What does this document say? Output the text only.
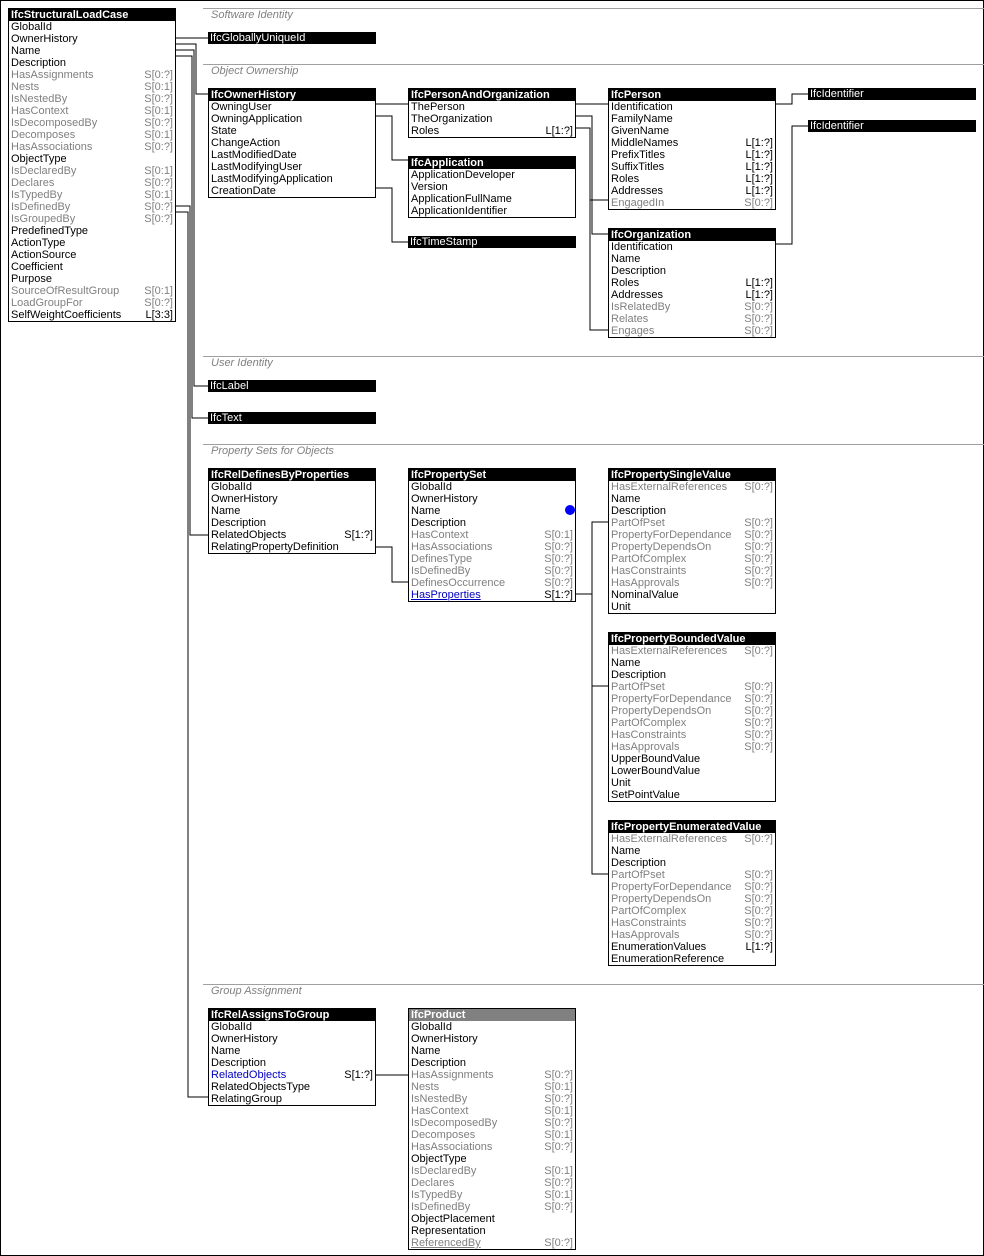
Software Identity
Object Ownership
User Identity
Property Sets for Objects
Group Assignment
IfcGloballyUniqueId
IfcTimeStamp
IfcIdentifier
IfcIdentifier
IfcLabel
IfcText
IfcStructuralLoadCase
GlobalId
OwnerHistory
Name
Description
HasAssignments	S[0:?]
Nests	S[0:1]
IsNestedBy	S[0:?]
HasContext	S[0:1]
IsDecomposedBy	S[0:?]
Decomposes	S[0:1]
HasAssociations	S[0:?]
ObjectType
IsDeclaredBy	S[0:1]
Declares	S[0:?]
IsTypedBy	S[0:1]
IsDefinedBy	S[0:?]
IsGroupedBy	S[0:?]
PredefinedType
ActionType
ActionSource
Coefficient
Purpose
SourceOfResultGroup S[0:1]
LoadGroupFor	S[0:?]
SelfWeightCoefficients L[3:3]
IfcOwnerHistory
OwningUser
OwningApplication
State
ChangeAction
LastModifiedDate
LastModifyingUser
LastModifyingApplication
CreationDate
IfcPersonAndOrganization
ThePerson
TheOrganization
Roles	L[1:?]
IfcApplication
ApplicationDeveloper
Version
ApplicationFullName
ApplicationIdentifier
IfcPerson
Identification
FamilyName
GivenName
MiddleNames	L[1:?]
PrefixTitles	L[1:?]
SuffixTitles	L[1:?]
Roles	L[1:?]
Addresses	L[1:?]
EngagedIn	S[0:?]
IfcOrganization
Identification
Name
Description
Roles	L[1:?]
Addresses	L[1:?]
IsRelatedBy	S[0:?]
Relates	S[0:?]
Engages	S[0:?]
IfcRelDefinesByProperties
GlobalId
OwnerHistory
Name
Description
RelatedObjects	S[1:?]
RelatingPropertyDefinition
IfcPropertySet
GlobalId
OwnerHistory
Name
Description
HasContext	S[0:1]
HasAssociations	S[0:?]
DefinesType	S[0:?]
IsDefinedBy	S[0:?]
DefinesOccurrence	S[0:?]
HasProperties	S[1:?]
IfcPropertySingleValue
HasExternalReferences S[0:?]
Name
Description
PartOfPset	S[0:?]
PropertyForDependance S[0:?]
PropertyDependsOn	S[0:?]
PartOfComplex	S[0:?]
HasConstraints	S[0:?]
HasApprovals	S[0:?]
NominalValue
Unit
IfcPropertyBoundedValue
HasExternalReferences S[0:?]
Name
Description
PartOfPset	S[0:?]
PropertyForDependance S[0:?]
PropertyDependsOn	S[0:?]
PartOfComplex	S[0:?]
HasConstraints	S[0:?]
HasApprovals	S[0:?]
UpperBoundValue
LowerBoundValue
Unit
SetPointValue
IfcPropertyEnumeratedValue
HasExternalReferences S[0:?]
Name
Description
PartOfPset	S[0:?]
PropertyForDependance S[0:?]
PropertyDependsOn	S[0:?]
PartOfComplex	S[0:?]
HasConstraints	S[0:?]
HasApprovals	S[0:?]
EnumerationValues	L[1:?]
EnumerationReference
IfcRelAssignsToGroup
GlobalId
OwnerHistory
Name
Description
RelatedObjects	S[1:?]
RelatedObjectsType
RelatingGroup
IfcProduct
GlobalId
OwnerHistory
Name
Description
HasAssignments	S[0:?]
Nests	S[0:1]
IsNestedBy	S[0:?]
HasContext	S[0:1]
IsDecomposedBy	S[0:?]
Decomposes	S[0:1]
HasAssociations	S[0:?]
ObjectType
IsDeclaredBy	S[0:1]
Declares	S[0:?]
IsTypedBy	S[0:1]
IsDefinedBy	S[0:?]
ObjectPlacement
Representation
ReferencedBy	S[0:?]
